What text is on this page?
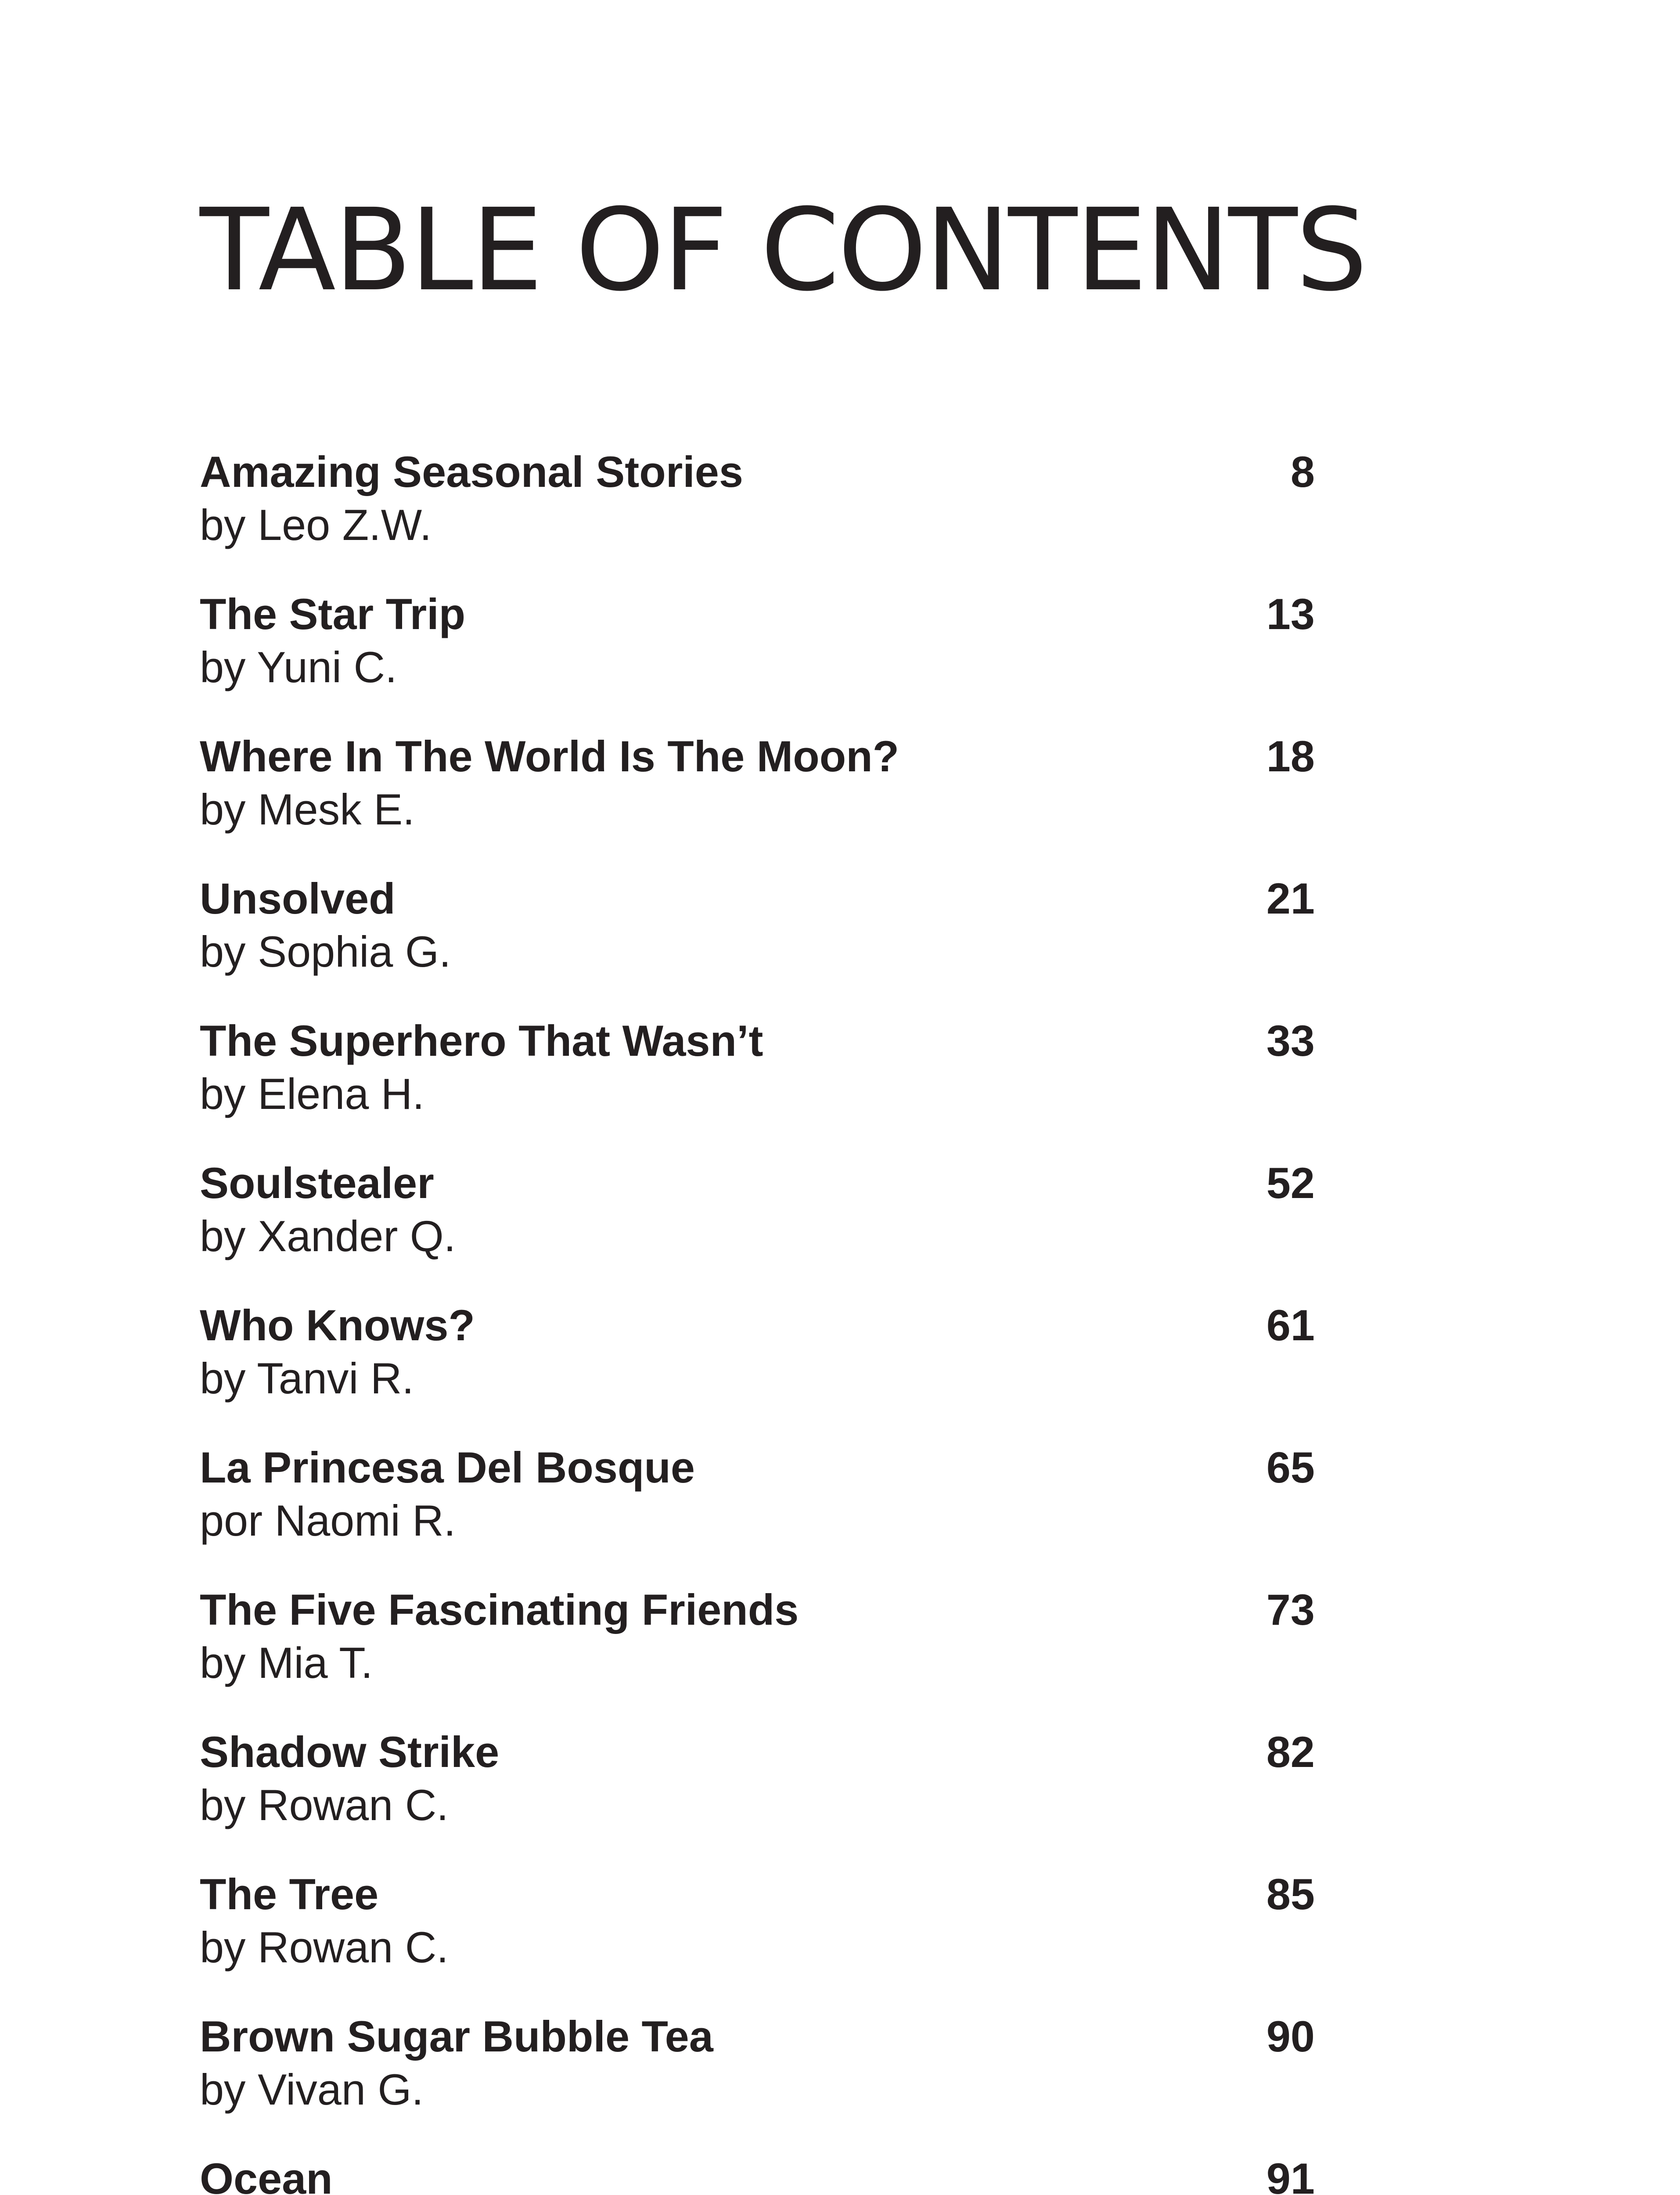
TABLE OF CONTENTS
Amazing Seasonal Stories	8
by Leo Z.W.
The Star Trip	13
by Yuni C.
Where In The World Is The Moon?	18
by Mesk E.
Unsolved	21
by Sophia G.
The Superhero That Wasn’t	33
by Elena H.
Soulstealer	52
by Xander Q.
Who Knows?	61
by Tanvi R.
La Princesa Del Bosque	65
por Naomi R.
The Five Fascinating Friends	73
by Mia T.
Shadow Strike	82
by Rowan C.
The Tree	85
by Rowan C.
Brown Sugar Bubble Tea	90
by Vivan G.
Ocean	91
